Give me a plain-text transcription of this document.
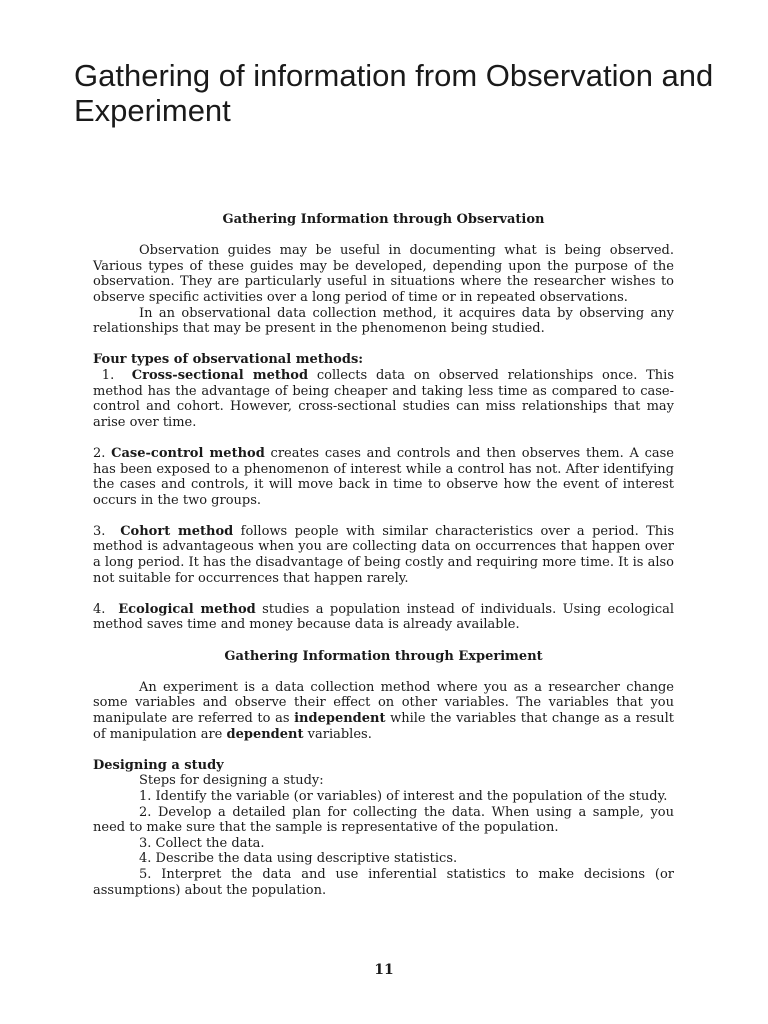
Gathering of information from Observation and Experiment

Gathering Information through Observation

Observation guides may be useful in documenting what is being observed. Various types of these guides may be developed, depending upon the purpose of the observation. They are particularly useful in situations where the researcher wishes to observe specific activities over a long period of time or in repeated observations.

In an observational data collection method, it acquires data by observing any relationships that may be present in the phenomenon being studied.

Four types of observational methods:

1. Cross-sectional method collects data on observed relationships once. This method has the advantage of being cheaper and taking less time as compared to case-control and cohort. However, cross-sectional studies can miss relationships that may arise over time.

2. Case-control method creates cases and controls and then observes them. A case has been exposed to a phenomenon of interest while a control has not. After identifying the cases and controls, it will move back in time to observe how the event of interest occurs in the two groups.

3. Cohort method follows people with similar characteristics over a period. This method is advantageous when you are collecting data on occurrences that happen over a long period. It has the disadvantage of being costly and requiring more time. It is also not suitable for occurrences that happen rarely.

4. Ecological method studies a population instead of individuals. Using ecological method saves time and money because data is already available.

Gathering Information through Experiment

An experiment is a data collection method where you as a researcher change some variables and observe their effect on other variables. The variables that you manipulate are referred to as independent while the variables that change as a result of manipulation are dependent variables.

Designing a study

Steps for designing a study:

1. Identify the variable (or variables) of interest and the population of the study.

2. Develop a detailed plan for collecting the data. When using a sample, you need to make sure that the sample is representative of the population.

3. Collect the data.

4. Describe the data using descriptive statistics.

5. Interpret the data and use inferential statistics to make decisions (or assumptions) about the population.

11
